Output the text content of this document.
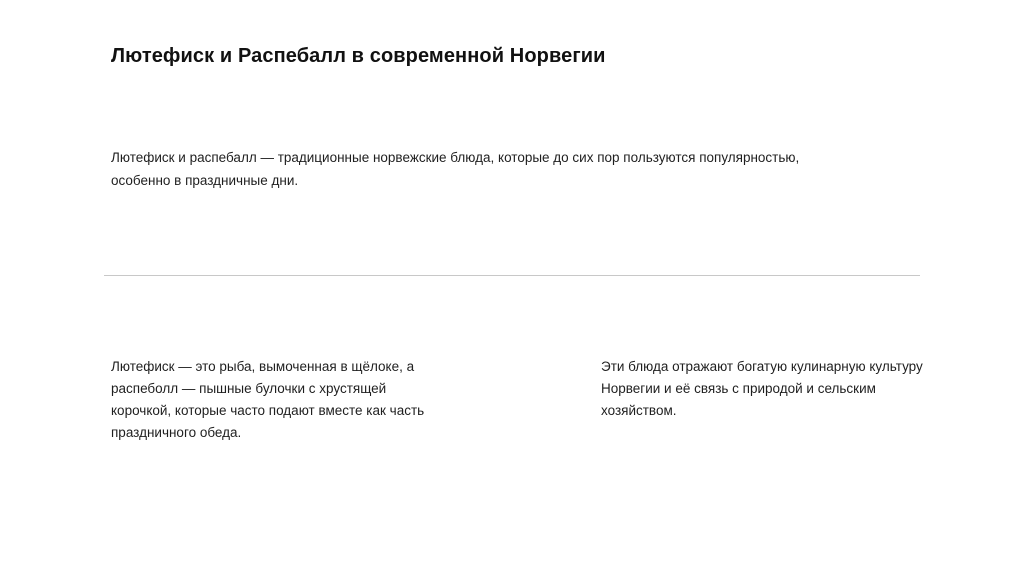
Лютефиск и Распебалл в современной Норвегии

Лютефиск и распебалл — традиционные норвежские блюда, которые до сих пор пользуются популярностью, особенно в праздничные дни.

Лютефиск — это рыба, вымоченная в щёлоке, а распеболл — пышные булочки с хрустящей корочкой, которые часто подают вместе как часть праздничного обеда.

Эти блюда отражают богатую кулинарную культуру Норвегии и её связь с природой и сельским хозяйством.
